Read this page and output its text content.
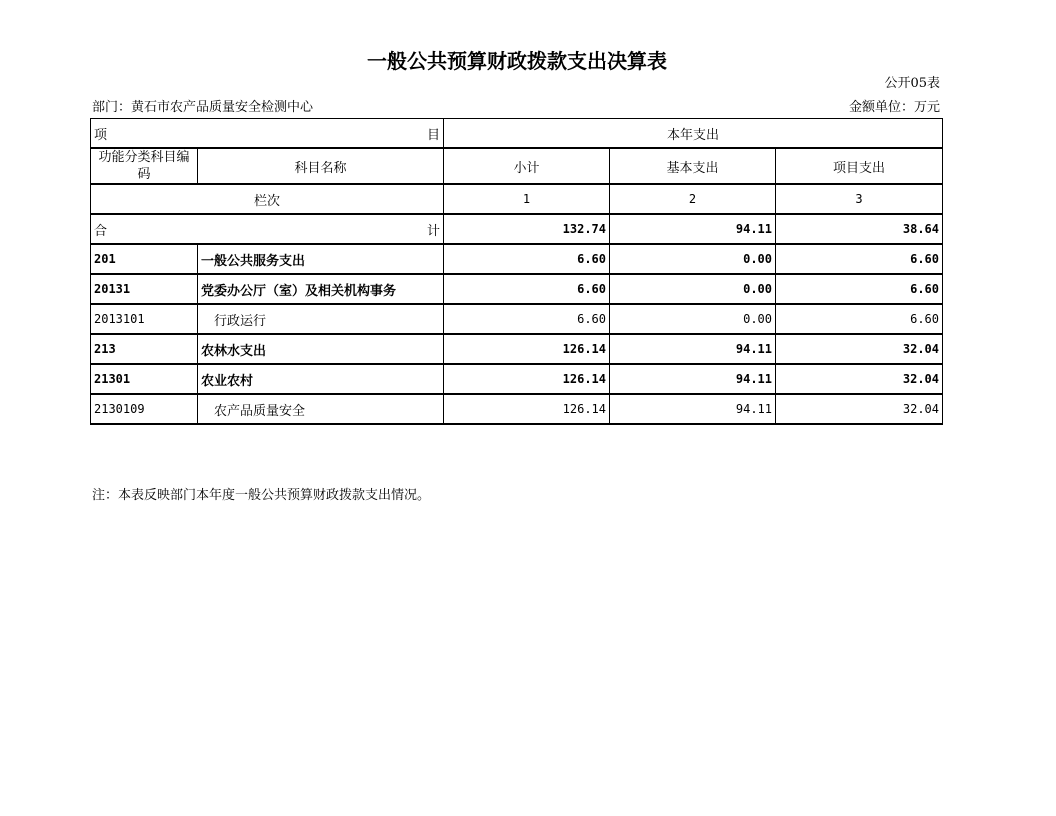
一般公共预算财政拨款支出决算表
公开05表
部门：黄石市农产品质量安全检测中心	金额单位：万元
项 目		本年支出		
功能分类科目编码	科目名称	小计	基本支出	项目支出
栏次		1	2	3

合 计		132.74	94.11	38.64
201	一般公共服务支出	6.60	0.00	6.60
20131	党委办公厅（室）及相关机构事务	6.60	0.00	6.60
2013101	行政运行	6.60	0.00	6.60
213	农林水支出	126.14	94.11	32.04
21301	农业农村	126.14	94.11	32.04
2130109	农产品质量安全	126.14	94.11	32.04
注：本表反映部门本年度一般公共预算财政拨款支出情况。
